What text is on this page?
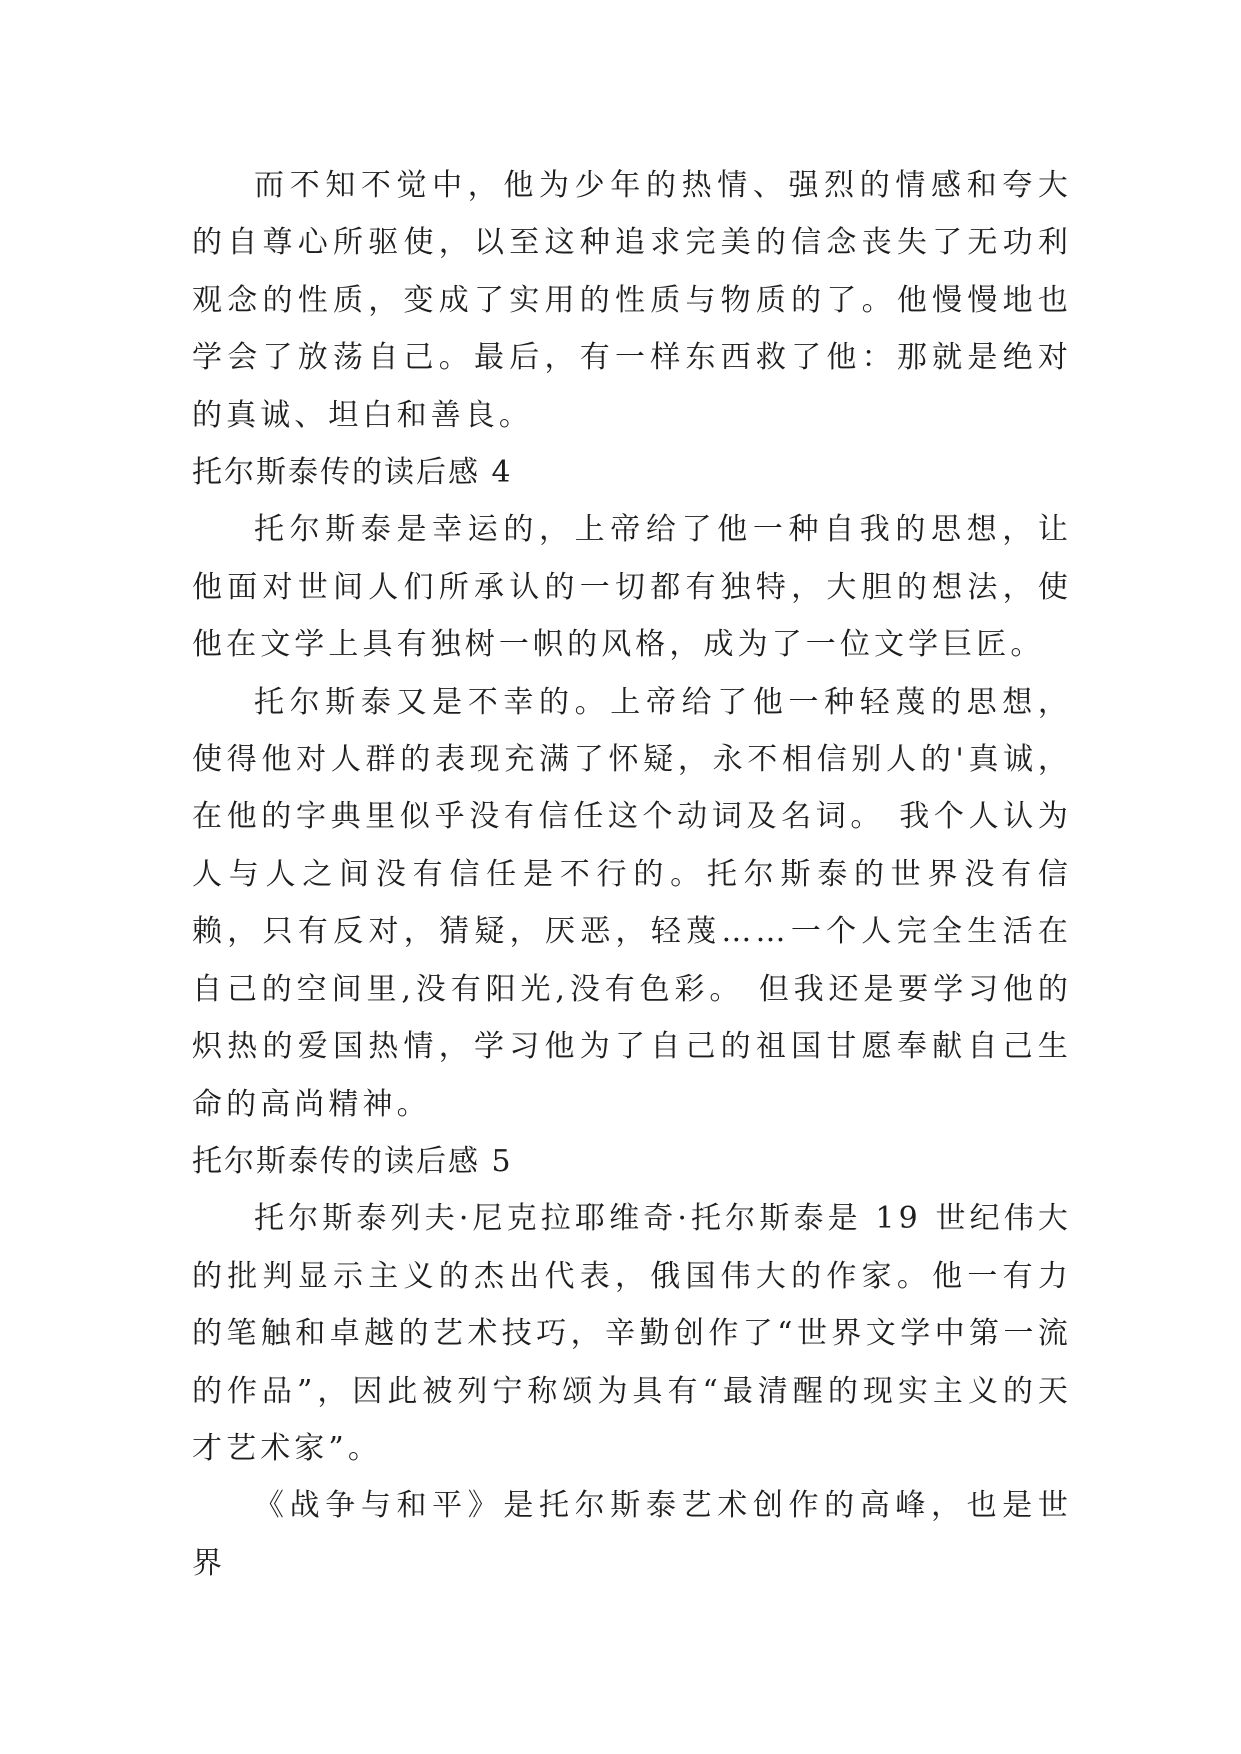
而不知不觉中，他为少年的热情、强烈的情感和夸大的自尊心所驱使，以至这种追求完美的信念丧失了无功利观念的性质，变成了实用的性质与物质的了。他慢慢地也学会了放荡自己。最后，有一样东西救了他：那就是绝对的真诚、坦白和善良。

托尔斯泰传的读后感 4

托尔斯泰是幸运的，上帝给了他一种自我的思想，让他面对世间人们所承认的一切都有独特，大胆的想法，使他在文学上具有独树一帜的风格，成为了一位文学巨匠。

托尔斯泰又是不幸的。上帝给了他一种轻蔑的思想，使得他对人群的表现充满了怀疑，永不相信别人的'真诚，在他的字典里似乎没有信任这个动词及名词。 我个人认为人与人之间没有信任是不行的。托尔斯泰的世界没有信赖，只有反对，猜疑，厌恶，轻蔑……一个人完全生活在自己的空间里,没有阳光,没有色彩。 但我还是要学习他的炽热的爱国热情，学习他为了自己的祖国甘愿奉献自己生命的高尚精神。

托尔斯泰传的读后感 5

托尔斯泰列夫·尼克拉耶维奇·托尔斯泰是 19 世纪伟大的批判显示主义的杰出代表，俄国伟大的作家。他一有力的笔触和卓越的艺术技巧，辛勤创作了“世界文学中第一流的作品”，因此被列宁称颂为具有“最清醒的现实主义的天才艺术家”。

《战争与和平》是托尔斯泰艺术创作的高峰，也是世界
